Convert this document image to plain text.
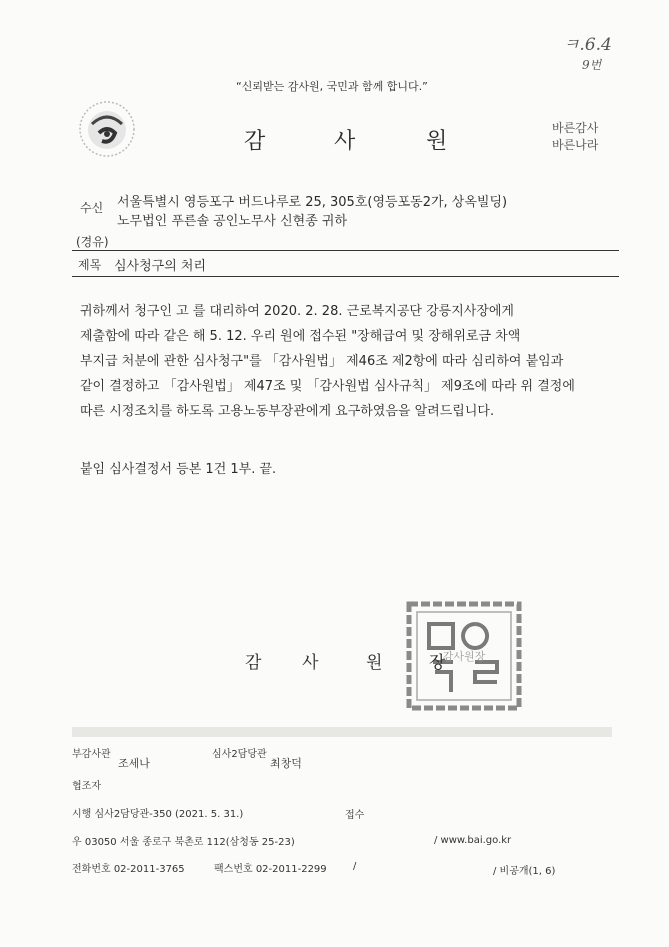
ㅋ.6.4
9번
“신뢰받는 감사원, 국민과 함께 합니다.”
감	사	원
바른감사
바른나라
수신 서울특별시 영등포구 버드나루로 25, 305호(영등포동2가, 상옥빌딩)
노무법인 푸른솔 공인노무사 신현종 귀하
(경유)
제목 심사청구의 처리

귀하께서 청구인 고 를 대리하여 2020. 2. 28. 근로복지공단 강릉지사장에게

제출함에 따라 같은 해 5. 12. 우리 원에 접수된 "장해급여 및 장해위로금 차액

부지급 처분에 관한 심사청구"를 「감사원법」 제46조 제2항에 따라 심리하여 붙임과

같이 결정하고 「감사원법」 제47조 및 「감사원법 심사규칙」 제9조에 따라 위 결정에

따른 시정조치를 하도록 고용노동부장관에게 요구하였음을 알려드립니다.

붙임 심사결정서 등본 1건 1부. 끝.
감사원장
감 사	원	장
부감사관
조세나
심사2담당관
최창덕
협조자
시행 심사2담당관-350 (2021. 5. 31.)	접수
우 03050 서울 종로구 북촌로 112(삼청동 25-23)	/ www.bai.go.kr
전화번호 02-2011-3765	팩스번호 02-2011-2299	/	/ 비공개(1, 6)
